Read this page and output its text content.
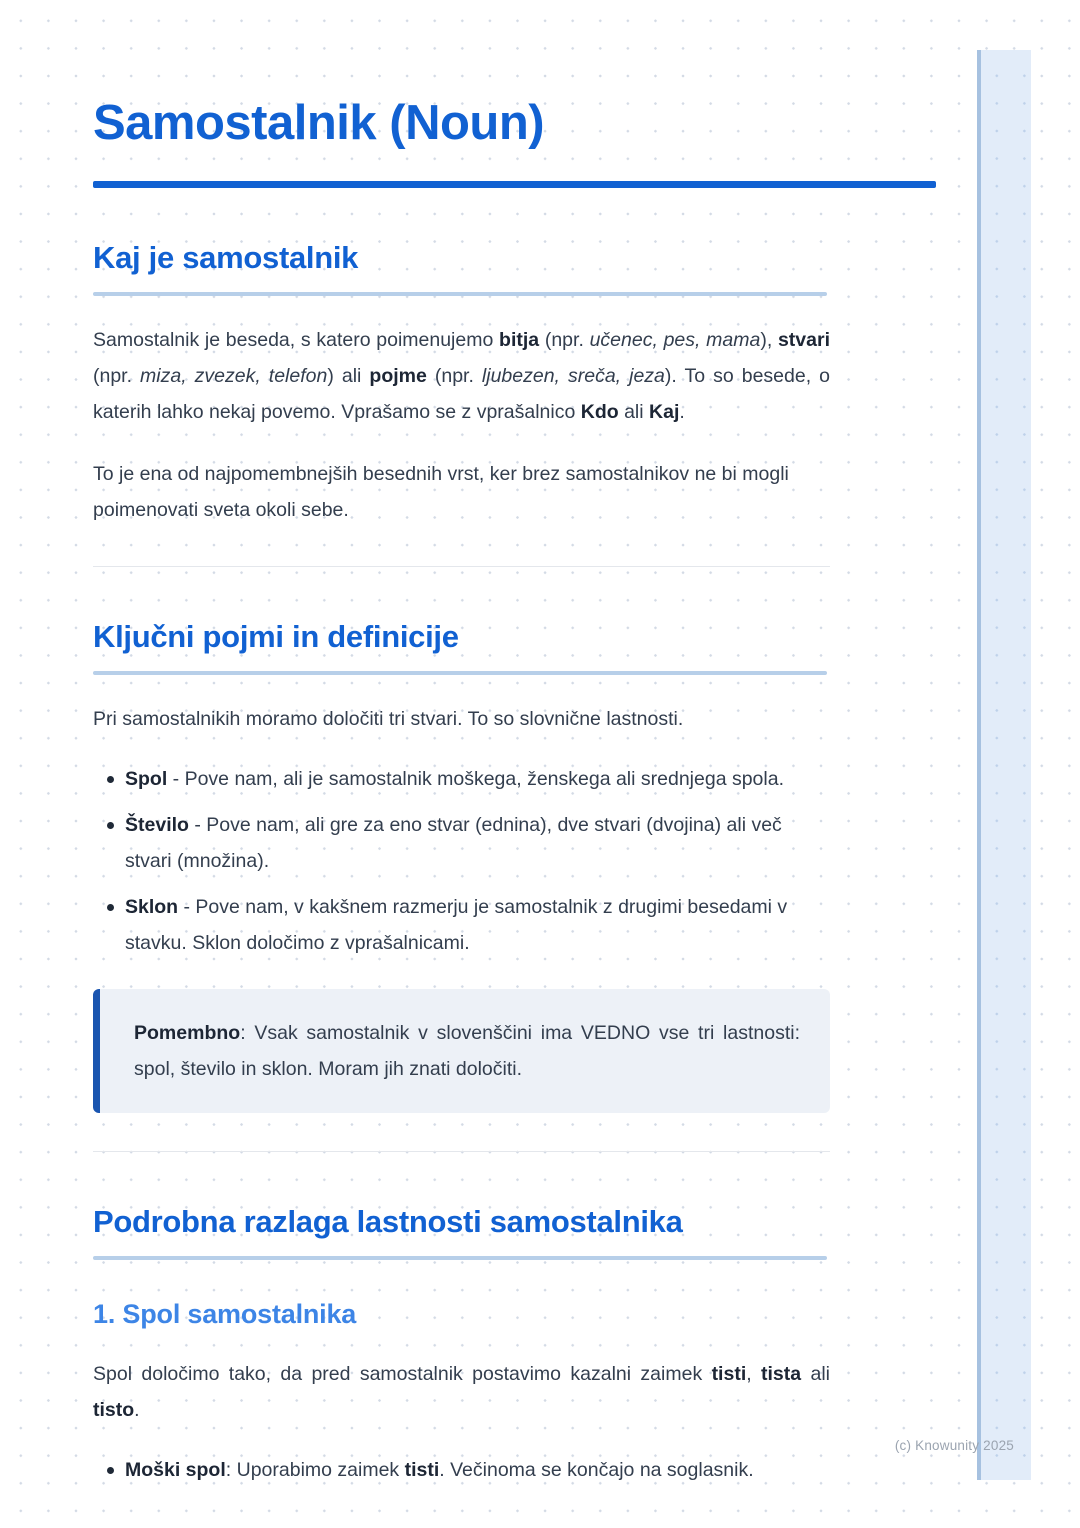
Samostalnik (Noun)
Kaj je samostalnik
Samostalnik je beseda, s katero poimenujemo bitja (npr. učenec, pes, mama), stvari (npr. miza, zvezek, telefon) ali pojme (npr. ljubezen, sreča, jeza). To so besede, o katerih lahko nekaj povemo. Vprašamo se z vprašalnico Kdo ali Kaj.
To je ena od najpomembnejših besednih vrst, ker brez samostalnikov ne bi mogli poimenovati sveta okoli sebe.
Ključni pojmi in definicije
Pri samostalnikih moramo določiti tri stvari. To so slovnične lastnosti.
Spol - Pove nam, ali je samostalnik moškega, ženskega ali srednjega spola.
Število - Pove nam, ali gre za eno stvar (ednina), dve stvari (dvojina) ali več stvari (množina).
Sklon - Pove nam, v kakšnem razmerju je samostalnik z drugimi besedami v stavku. Sklon določimo z vprašalnicami.
Pomembno: Vsak samostalnik v slovenščini ima VEDNO vse tri lastnosti: spol, število in sklon. Moram jih znati določiti.
Podrobna razlaga lastnosti samostalnika
1. Spol samostalnika
Spol določimo tako, da pred samostalnik postavimo kazalni zaimek tisti, tista ali tisto.
Moški spol: Uporabimo zaimek tisti. Večinoma se končajo na soglasnik.
(c) Knowunity 2025
